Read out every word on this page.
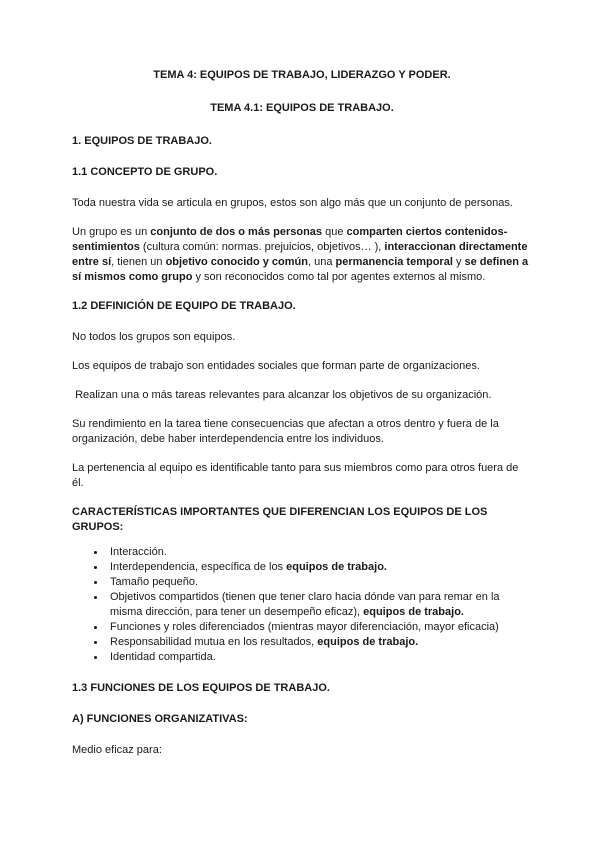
TEMA 4: EQUIPOS DE TRABAJO, LIDERAZGO Y PODER.

TEMA 4.1: EQUIPOS DE TRABAJO.

1. EQUIPOS DE TRABAJO.

1.1 CONCEPTO DE GRUPO.

Toda nuestra vida se articula en grupos, estos son algo más que un conjunto de personas.

Un grupo es un conjunto de dos o más personas que comparten ciertos contenidos-sentimientos (cultura común: normas. prejuicios, objetivos… ), interaccionan directamente entre sí, tienen un objetivo conocido y común, una permanencia temporal y se definen a sí mismos como grupo y son reconocidos como tal por agentes externos al mismo.

1.2 DEFINICIÓN DE EQUIPO DE TRABAJO.

No todos los grupos son equipos.

Los equipos de trabajo son entidades sociales que forman parte de organizaciones.

Realizan una o más tareas relevantes para alcanzar los objetivos de su organización.

Su rendimiento en la tarea tiene consecuencias que afectan a otros dentro y fuera de la organización, debe haber interdependencia entre los individuos.

La pertenencia al equipo es identificable tanto para sus miembros como para otros fuera de él.

CARACTERÍSTICAS IMPORTANTES QUE DIFERENCIAN LOS EQUIPOS DE LOS GRUPOS:

• Interacción.
• Interdependencia, específica de los equipos de trabajo.
• Tamaño pequeño.
• Objetivos compartidos (tienen que tener claro hacia dónde van para remar en la misma dirección, para tener un desempeño eficaz), equipos de trabajo.
• Funciones y roles diferenciados (mientras mayor diferenciación, mayor eficacia)
• Responsabilidad mutua en los resultados, equipos de trabajo.
• Identidad compartida.

1.3 FUNCIONES DE LOS EQUIPOS DE TRABAJO.

A) FUNCIONES ORGANIZATIVAS:

Medio eficaz para:
